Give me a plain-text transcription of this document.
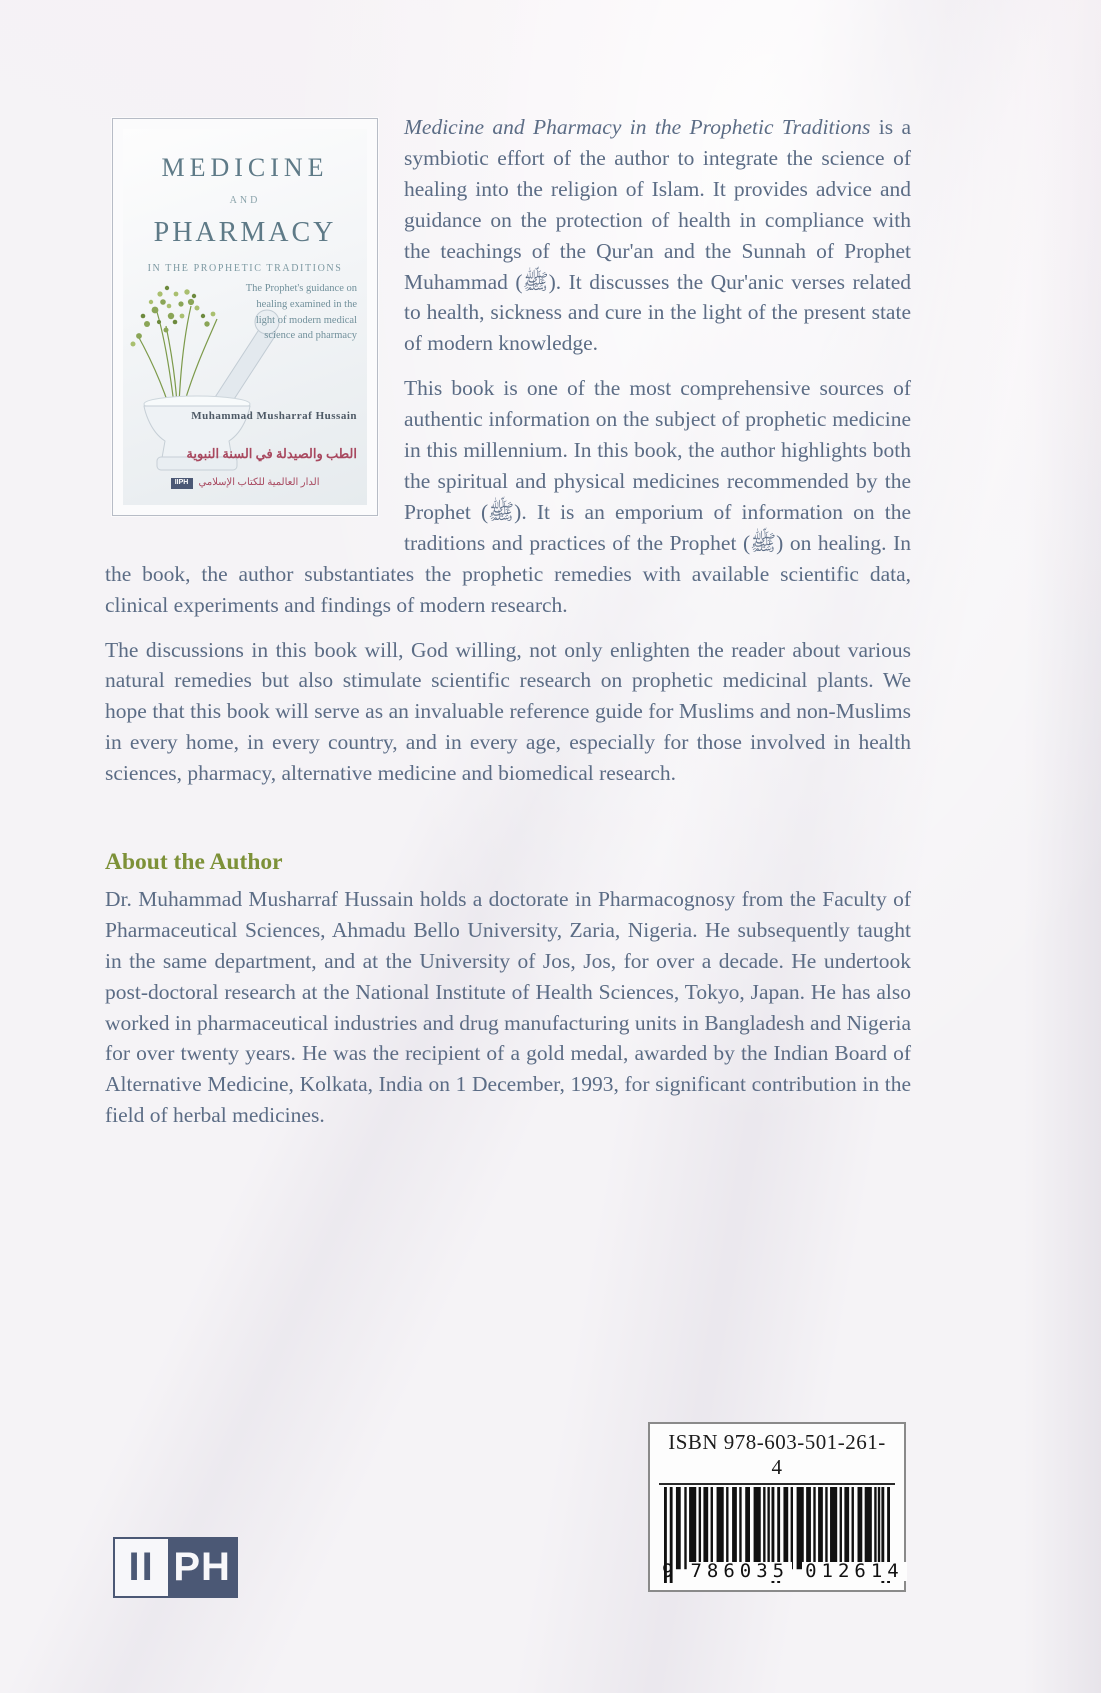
MEDICINE
AND
PHARMACY
IN THE PROPHETIC TRADITIONS
The Prophet's guidance on healing examined in the light of modern medical science and pharmacy
Muhammad Musharraf Hussain
الطب والصيدلة في السنة النبوية
IIPH	الدار العالمية للكتاب الإسلامي

Medicine and Pharmacy in the Prophetic Traditions is a symbiotic effort of the author to integrate the science of healing into the religion of Islam. It provides advice and guidance on the protection of health in compliance with the teachings of the Qur'an and the Sunnah of Prophet Muhammad (ﷺ). It discusses the Qur'anic verses related to health, sickness and cure in the light of the present state of modern knowledge.

This book is one of the most comprehensive sources of authentic information on the subject of prophetic medicine in this millennium. In this book, the author highlights both the spiritual and physical medicines recommended by the Prophet (ﷺ). It is an emporium of information on the traditions and practices of the Prophet (ﷺ) on healing. In the book, the author substantiates the prophetic remedies with available scientific data, clinical experiments and findings of modern research.

The discussions in this book will, God willing, not only enlighten the reader about various natural remedies but also stimulate scientific research on prophetic medicinal plants. We hope that this book will serve as an invaluable reference guide for Muslims and non-Muslims in every home, in every country, and in every age, especially for those involved in health sciences, pharmacy, alternative medicine and biomedical research.

About the Author

Dr. Muhammad Musharraf Hussain holds a doctorate in Pharmacognosy from the Faculty of Pharmaceutical Sciences, Ahmadu Bello University, Zaria, Nigeria. He subsequently taught in the same department, and at the University of Jos, Jos, for over a decade. He undertook post-doctoral research at the National Institute of Health Sciences, Tokyo, Japan. He has also worked in pharmaceutical industries and drug manufacturing units in Bangladesh and Nigeria for over twenty years. He was the recipient of a gold medal, awarded by the Indian Board of Alternative Medicine, Kolkata, India on 1 December, 1993, for significant contribution in the field of herbal medicines.

II PH
ISBN 978-603-501-261-4
9 786035 012614
